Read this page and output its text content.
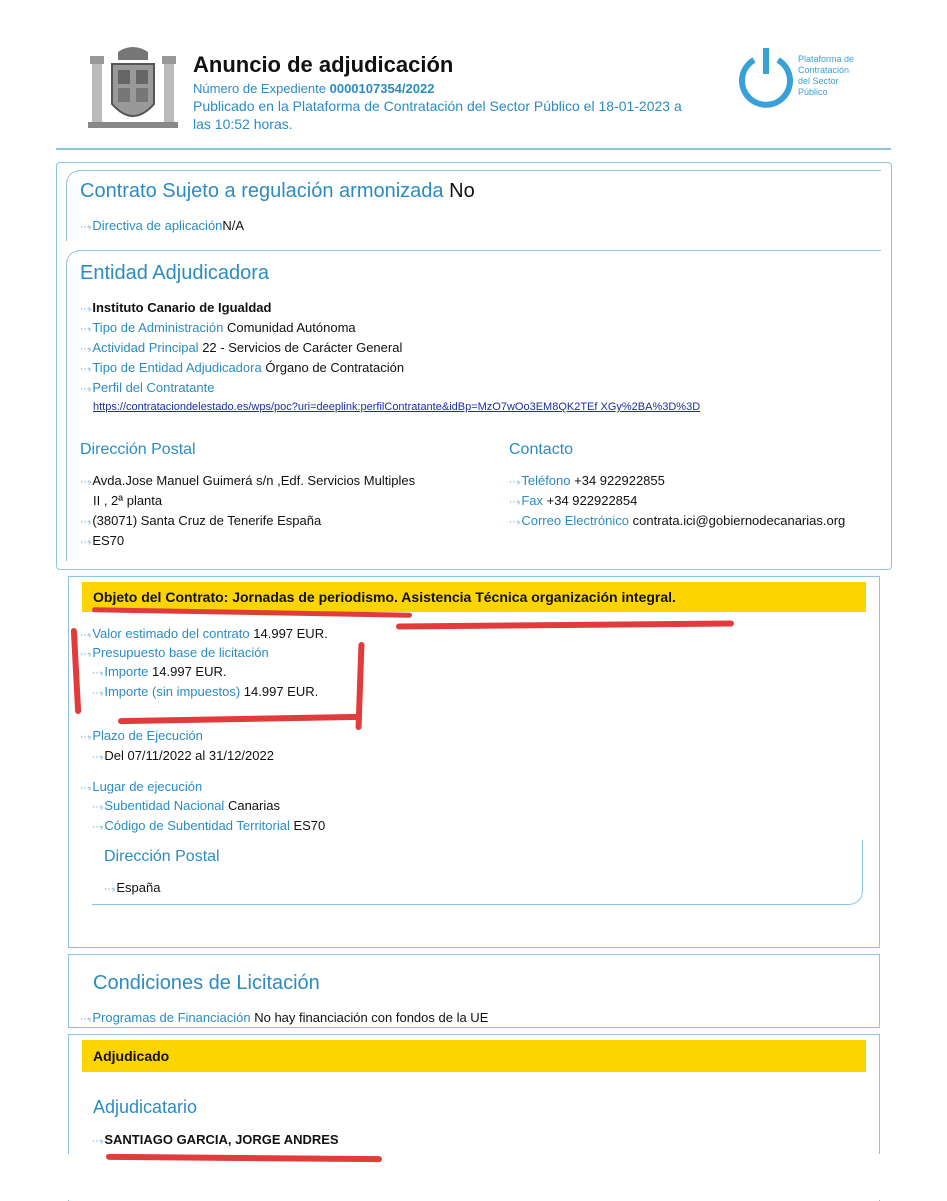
Anuncio de adjudicación
Número de Expediente 0000107354/2022
Publicado en la Plataforma de Contratación del Sector Público el 18-01-2023 a
las 10:52 horas.
Plataforma de
Contratación
del Sector
Público
Contrato Sujeto a regulación armonizada No
⋯› Directiva de aplicaciónN/A
Entidad Adjudicadora
⋯› Instituto Canario de Igualdad
⋯› Tipo de Administración Comunidad Autónoma
⋯› Actividad Principal 22 - Servicios de Carácter General
⋯› Tipo de Entidad Adjudicadora Órgano de Contratación
⋯› Perfil del Contratante
https://contrataciondelestado.es/wps/poc?uri=deeplink:perfilContratante&idBp=MzO7wOo3EM8QK2TEf XGy%2BA%3D%3D
Dirección Postal
⋯› Avda.Jose Manuel Guimerá s/n ,Edf. Servicios Multiples
II , 2ª planta
⋯› (38071) Santa Cruz de Tenerife España
⋯› ES70
Contacto
⋯› Teléfono +34 922922855
⋯› Fax +34 922922854
⋯› Correo Electrónico contrata.ici@gobiernodecanarias.org
Objeto del Contrato: Jornadas de periodismo. Asistencia Técnica organización integral.
⋯› Valor estimado del contrato 14.997 EUR.
⋯› Presupuesto base de licitación
⋯› Importe 14.997 EUR.
⋯› Importe (sin impuestos) 14.997 EUR.
⋯› Plazo de Ejecución
⋯› Del 07/11/2022 al 31/12/2022
⋯› Lugar de ejecución
⋯› Subentidad Nacional Canarias
⋯› Código de Subentidad Territorial ES70
Dirección Postal
⋯› España
Condiciones de Licitación
⋯› Programas de Financiación No hay financiación con fondos de la UE
Adjudicado
Adjudicatario
⋯› SANTIAGO GARCIA, JORGE ANDRES
